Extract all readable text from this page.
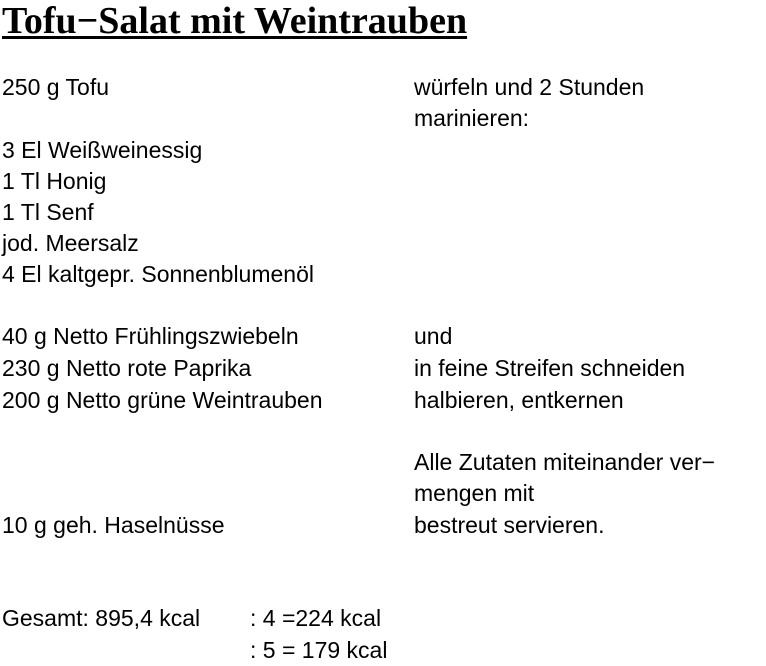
Tofu−Salat mit Weintrauben
250 g Tofu	würfeln und 2 Stunden
marinieren:
3 El Weißweinessig
1 Tl Honig
1 Tl Senf
jod. Meersalz
4 El kaltgepr. Sonnenblumenöl
40 g Netto Frühlingszwiebeln	und
230 g Netto rote Paprika	in feine Streifen schneiden
200 g Netto grüne Weintrauben	halbieren, entkernen
Alle Zutaten miteinander ver−
mengen mit
10 g geh. Haselnüsse	bestreut servieren.
Gesamt: 895,4 kcal : 4 =224 kcal
: 5 = 179 kcal
